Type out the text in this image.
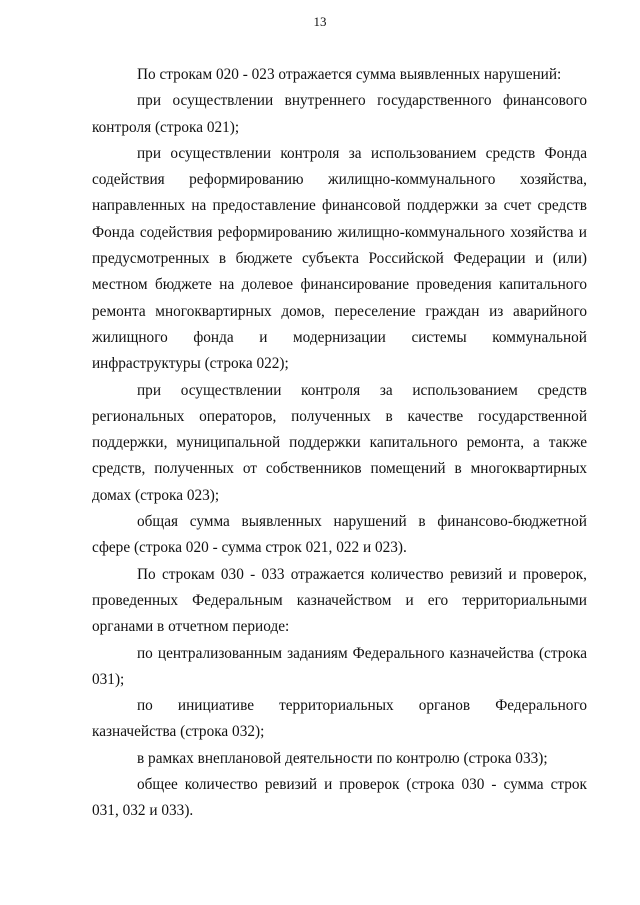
13

По строкам 020 - 023 отражается сумма выявленных нарушений:

при осуществлении внутреннего государственного финансового контроля (строка 021);

при осуществлении контроля за использованием средств Фонда содействия реформированию жилищно-коммунального хозяйства, направленных на предоставление финансовой поддержки за счет средств Фонда содействия реформированию жилищно-коммунального хозяйства и предусмотренных в бюджете субъекта Российской Федерации и (или) местном бюджете на долевое финансирование проведения капитального ремонта многоквартирных домов, переселение граждан из аварийного жилищного фонда и модернизации системы коммунальной инфраструктуры (строка 022);

при осуществлении контроля за использованием средств региональных операторов, полученных в качестве государственной поддержки, муниципальной поддержки капитального ремонта, а также средств, полученных от собственников помещений в многоквартирных домах (строка 023);

общая сумма выявленных нарушений в финансово-бюджетной сфере (строка 020 - сумма строк 021, 022 и 023).

По строкам 030 - 033 отражается количество ревизий и проверок, проведенных Федеральным казначейством и его территориальными органами в отчетном периоде:

по централизованным заданиям Федерального казначейства (строка 031);

по инициативе территориальных органов Федерального казначейства (строка 032);

в рамках внеплановой деятельности по контролю (строка 033);

общее количество ревизий и проверок (строка 030 - сумма строк 031, 032 и 033).
